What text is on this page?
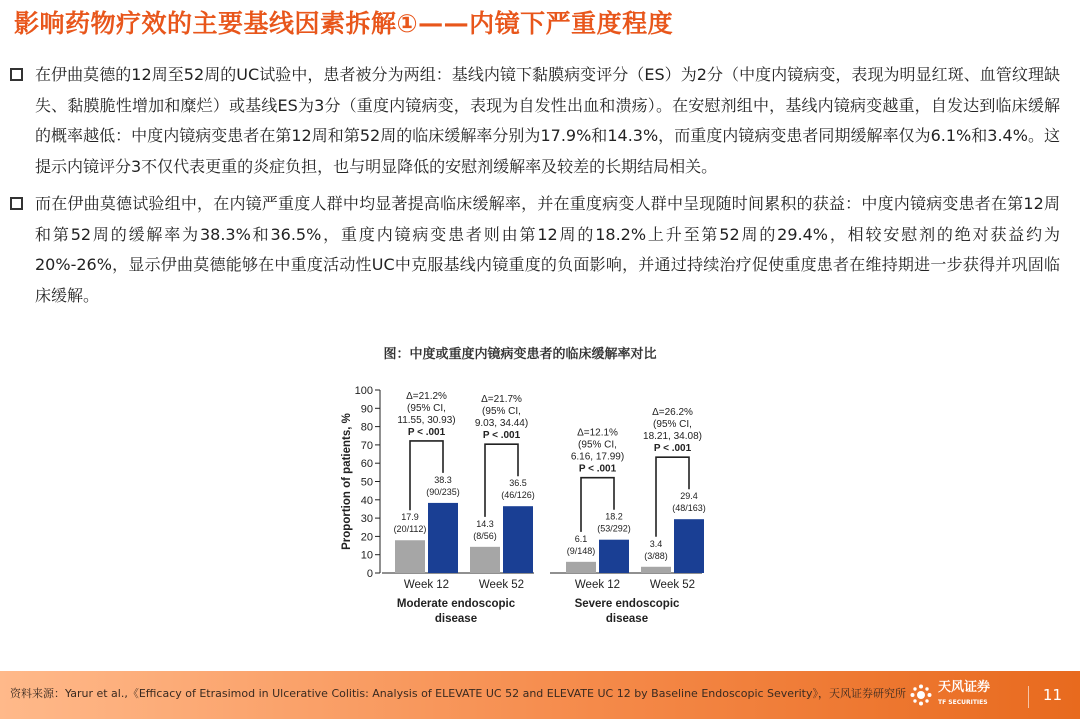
影响药物疗效的主要基线因素拆解①——内镜下严重度程度
在伊曲莫德的12周至52周的UC试验中，患者被分为两组：基线内镜下黏膜病变评分（ES）为2分（中度内镜病变，表现为明显红斑、血管纹理缺失、黏膜脆性增加和糜烂）或基线ES为3分（重度内镜病变，表现为自发性出血和溃疡）。在安慰剂组中，基线内镜病变越重，自发达到临床缓解的概率越低：中度内镜病变患者在第12周和第52周的临床缓解率分别为17.9%和14.3%，而重度内镜病变患者同期缓解率仅为6.1%和3.4%。这提示内镜评分3不仅代表更重的炎症负担，也与明显降低的安慰剂缓解率及较差的长期结局相关。
而在伊曲莫德试验组中，在内镜严重度人群中均显著提高临床缓解率，并在重度病变人群中呈现随时间累积的获益：中度内镜病变患者在第12周和第52周的缓解率为38.3%和36.5%，重度内镜病变患者则由第12周的18.2%上升至第52周的29.4%，相较安慰剂的绝对获益约为20%-26%，显示伊曲莫德能够在中重度活动性UC中克服基线内镜重度的负面影响，并通过持续治疗促使重度患者在维持期进一步获得并巩固临床缓解。
图：中度或重度内镜病变患者的临床缓解率对比
0
10
20
30
40
50
60
70
80
90
100
Proportion of patients, %	17.9
(20/112)
38.3
(90/235)
Δ=21.2%
(95% CI,
11.55, 30.93)
P < .001
Week 12
14.3
(8/56)
36.5
(46/126)
Δ=21.7%
(95% CI,
9.03, 34.44)
P < .001
Week 52
Moderate endoscopic
disease
6.1
(9/148)
18.2
(53/292)
Δ=12.1%
(95% CI,
6.16, 17.99)
P < .001
Week 12
3.4
(3/88)
29.4
(48/163)
Δ=26.2%
(95% CI,
18.21, 34.08)
P < .001
Week 52
Severe endoscopic
disease
资料来源：Yarur et al.,《Efficacy of Etrasimod in Ulcerative Colitis: Analysis of ELEVATE UC 52 and ELEVATE UC 12 by Baseline Endoscopic Severity》，天风证券研究所	天风证券
TF SECURITIES	11
